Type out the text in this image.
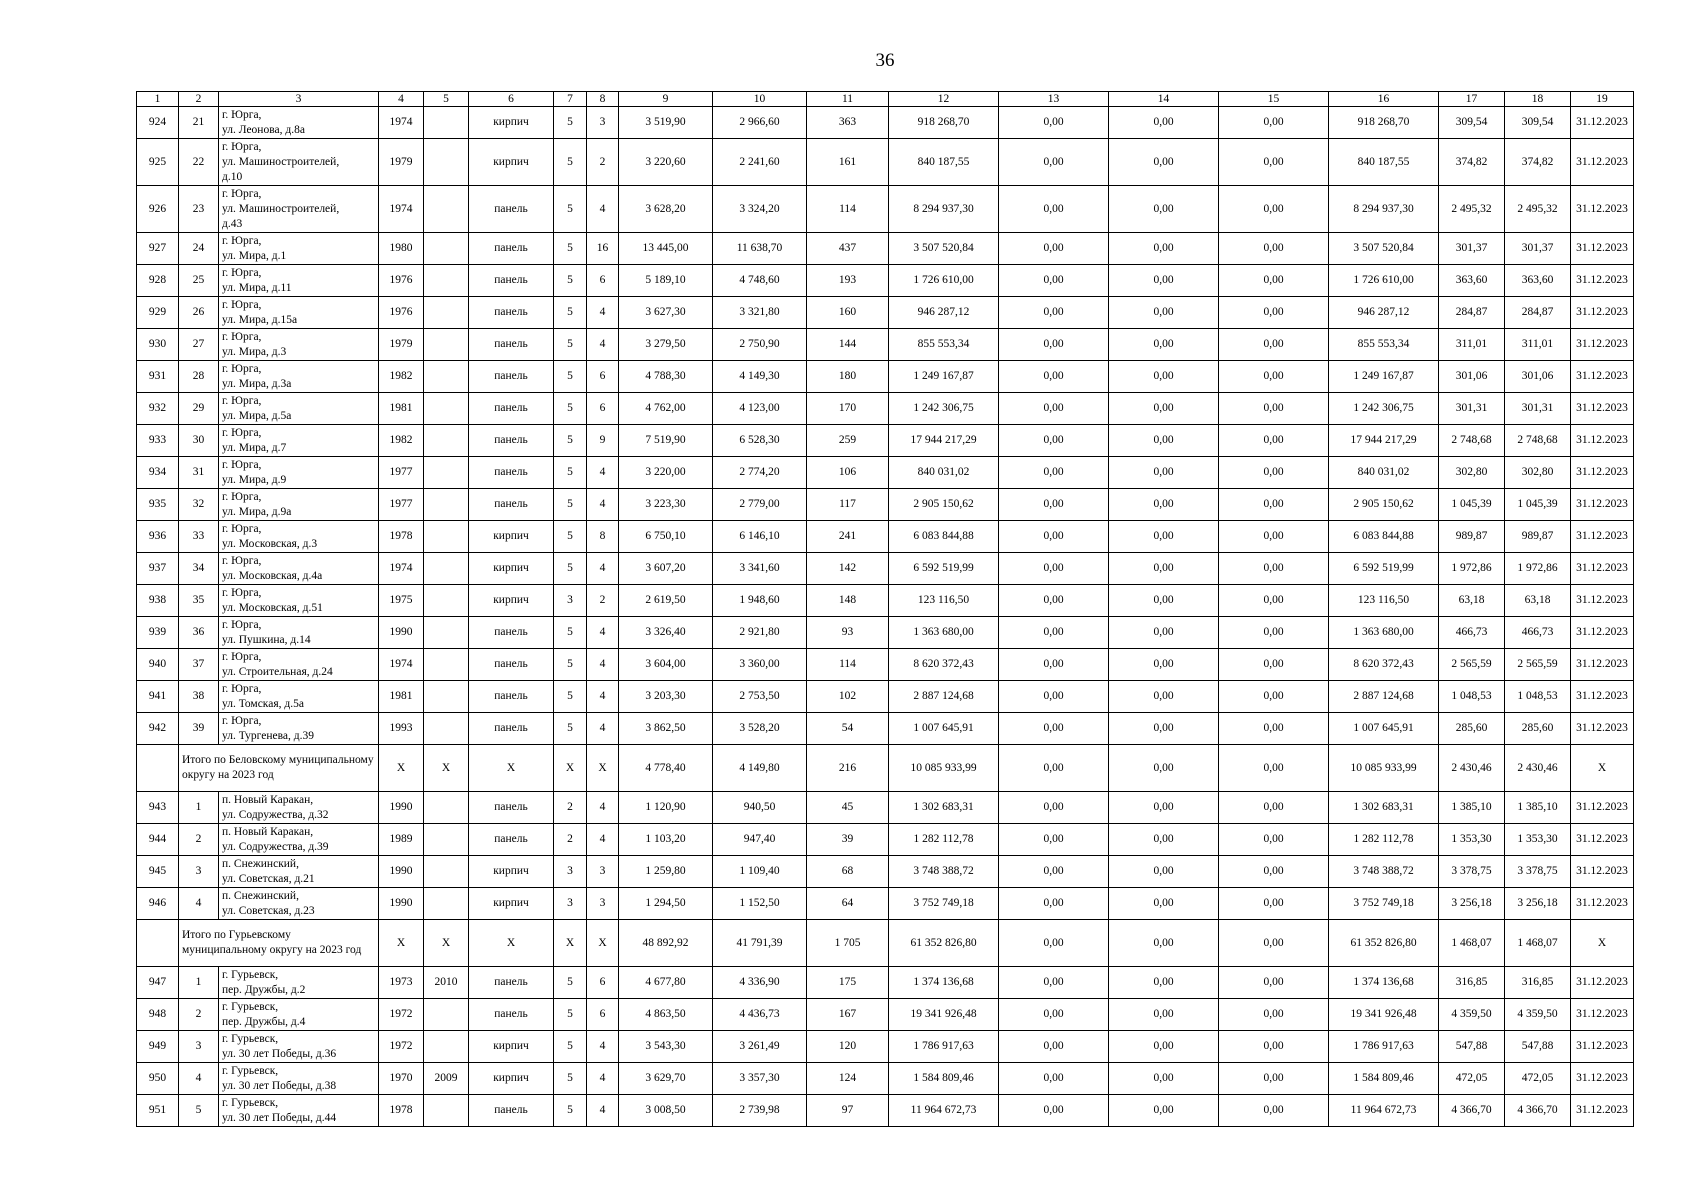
36
1	2	3	4	5	6	7	8	9	10	11	12	13	14	15	16	17	18	19
924	21	г. Юрга,
ул. Леонова, д.8а	1974		кирпич	5	3	3 519,90	2 966,60	363	918 268,70	0,00	0,00	0,00	918 268,70	309,54	309,54	31.12.2023
925	22	г. Юрга,
ул. Машиностроителей,
д.10	1979		кирпич	5	2	3 220,60	2 241,60	161	840 187,55	0,00	0,00	0,00	840 187,55	374,82	374,82	31.12.2023
926	23	г. Юрга,
ул. Машиностроителей,
д.43	1974		панель	5	4	3 628,20	3 324,20	114	8 294 937,30	0,00	0,00	0,00	8 294 937,30	2 495,32	2 495,32	31.12.2023
927	24	г. Юрга,
ул. Мира, д.1	1980		панель	5	16	13 445,00	11 638,70	437	3 507 520,84	0,00	0,00	0,00	3 507 520,84	301,37	301,37	31.12.2023
928	25	г. Юрга,
ул. Мира, д.11	1976		панель	5	6	5 189,10	4 748,60	193	1 726 610,00	0,00	0,00	0,00	1 726 610,00	363,60	363,60	31.12.2023
929	26	г. Юрга,
ул. Мира, д.15а	1976		панель	5	4	3 627,30	3 321,80	160	946 287,12	0,00	0,00	0,00	946 287,12	284,87	284,87	31.12.2023
930	27	г. Юрга,
ул. Мира, д.3	1979		панель	5	4	3 279,50	2 750,90	144	855 553,34	0,00	0,00	0,00	855 553,34	311,01	311,01	31.12.2023
931	28	г. Юрга,
ул. Мира, д.3а	1982		панель	5	6	4 788,30	4 149,30	180	1 249 167,87	0,00	0,00	0,00	1 249 167,87	301,06	301,06	31.12.2023
932	29	г. Юрга,
ул. Мира, д.5а	1981		панель	5	6	4 762,00	4 123,00	170	1 242 306,75	0,00	0,00	0,00	1 242 306,75	301,31	301,31	31.12.2023
933	30	г. Юрга,
ул. Мира, д.7	1982		панель	5	9	7 519,90	6 528,30	259	17 944 217,29	0,00	0,00	0,00	17 944 217,29	2 748,68	2 748,68	31.12.2023
934	31	г. Юрга,
ул. Мира, д.9	1977		панель	5	4	3 220,00	2 774,20	106	840 031,02	0,00	0,00	0,00	840 031,02	302,80	302,80	31.12.2023
935	32	г. Юрга,
ул. Мира, д.9а	1977		панель	5	4	3 223,30	2 779,00	117	2 905 150,62	0,00	0,00	0,00	2 905 150,62	1 045,39	1 045,39	31.12.2023
936	33	г. Юрга,
ул. Московская, д.3	1978		кирпич	5	8	6 750,10	6 146,10	241	6 083 844,88	0,00	0,00	0,00	6 083 844,88	989,87	989,87	31.12.2023
937	34	г. Юрга,
ул. Московская, д.4а	1974		кирпич	5	4	3 607,20	3 341,60	142	6 592 519,99	0,00	0,00	0,00	6 592 519,99	1 972,86	1 972,86	31.12.2023
938	35	г. Юрга,
ул. Московская, д.51	1975		кирпич	3	2	2 619,50	1 948,60	148	123 116,50	0,00	0,00	0,00	123 116,50	63,18	63,18	31.12.2023
939	36	г. Юрга,
ул. Пушкина, д.14	1990		панель	5	4	3 326,40	2 921,80	93	1 363 680,00	0,00	0,00	0,00	1 363 680,00	466,73	466,73	31.12.2023
940	37	г. Юрга,
ул. Строительная, д.24	1974		панель	5	4	3 604,00	3 360,00	114	8 620 372,43	0,00	0,00	0,00	8 620 372,43	2 565,59	2 565,59	31.12.2023
941	38	г. Юрга,
ул. Томская, д.5а	1981		панель	5	4	3 203,30	2 753,50	102	2 887 124,68	0,00	0,00	0,00	2 887 124,68	1 048,53	1 048,53	31.12.2023
942	39	г. Юрга,
ул. Тургенева, д.39	1993		панель	5	4	3 862,50	3 528,20	54	1 007 645,91	0,00	0,00	0,00	1 007 645,91	285,60	285,60	31.12.2023
	Итого по Беловскому муниципальному округу на 2023 год		X	X	X	X	X	4 778,40	4 149,80	216	10 085 933,99	0,00	0,00	0,00	10 085 933,99	2 430,46	2 430,46	X
943	1	п. Новый Каракан,
ул. Содружества, д.32	1990		панель	2	4	1 120,90	940,50	45	1 302 683,31	0,00	0,00	0,00	1 302 683,31	1 385,10	1 385,10	31.12.2023
944	2	п. Новый Каракан,
ул. Содружества, д.39	1989		панель	2	4	1 103,20	947,40	39	1 282 112,78	0,00	0,00	0,00	1 282 112,78	1 353,30	1 353,30	31.12.2023
945	3	п. Снежинский,
ул. Советская, д.21	1990		кирпич	3	3	1 259,80	1 109,40	68	3 748 388,72	0,00	0,00	0,00	3 748 388,72	3 378,75	3 378,75	31.12.2023
946	4	п. Снежинский,
ул. Советская, д.23	1990		кирпич	3	3	1 294,50	1 152,50	64	3 752 749,18	0,00	0,00	0,00	3 752 749,18	3 256,18	3 256,18	31.12.2023
	Итого по Гурьевскому муниципальному округу на 2023 год		X	X	X	X	X	48 892,92	41 791,39	1 705	61 352 826,80	0,00	0,00	0,00	61 352 826,80	1 468,07	1 468,07	X
947	1	г. Гурьевск,
пер. Дружбы, д.2	1973	2010	панель	5	6	4 677,80	4 336,90	175	1 374 136,68	0,00	0,00	0,00	1 374 136,68	316,85	316,85	31.12.2023
948	2	г. Гурьевск,
пер. Дружбы, д.4	1972		панель	5	6	4 863,50	4 436,73	167	19 341 926,48	0,00	0,00	0,00	19 341 926,48	4 359,50	4 359,50	31.12.2023
949	3	г. Гурьевск,
ул. 30 лет Победы, д.36	1972		кирпич	5	4	3 543,30	3 261,49	120	1 786 917,63	0,00	0,00	0,00	1 786 917,63	547,88	547,88	31.12.2023
950	4	г. Гурьевск,
ул. 30 лет Победы, д.38	1970	2009	кирпич	5	4	3 629,70	3 357,30	124	1 584 809,46	0,00	0,00	0,00	1 584 809,46	472,05	472,05	31.12.2023
951	5	г. Гурьевск,
ул. 30 лет Победы, д.44	1978		панель	5	4	3 008,50	2 739,98	97	11 964 672,73	0,00	0,00	0,00	11 964 672,73	4 366,70	4 366,70	31.12.2023
